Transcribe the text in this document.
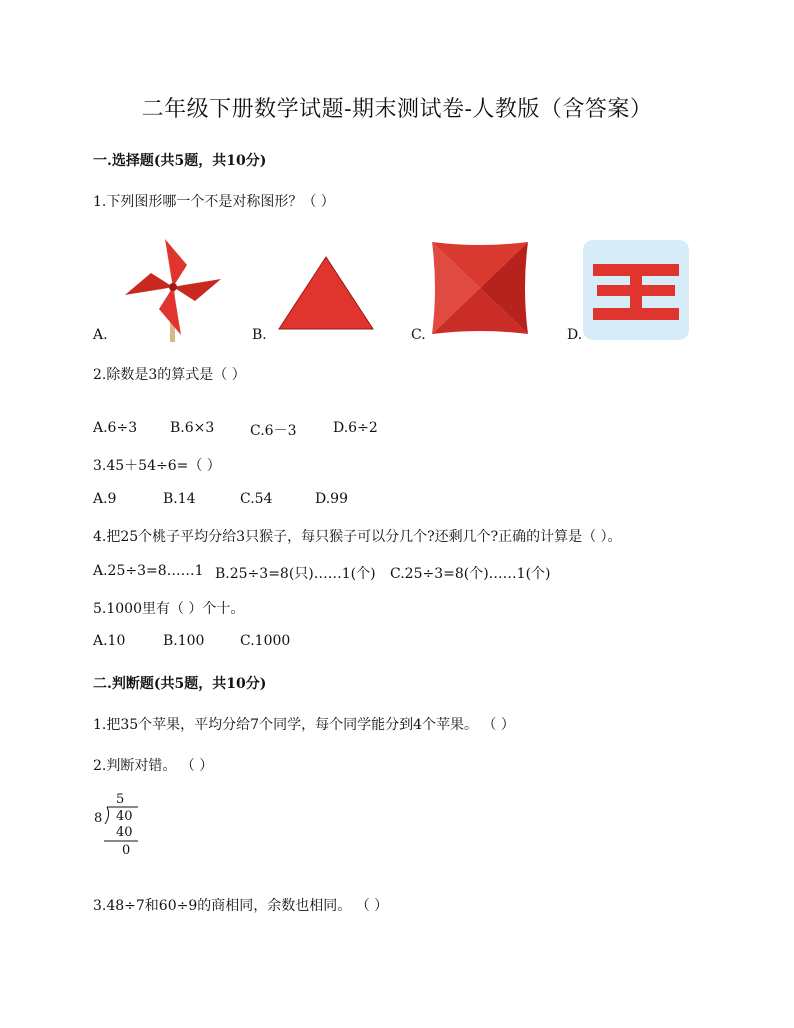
二年级下册数学试题-期末测试卷-人教版（含答案）
一.选择题(共5题，共10分)
1.下列图形哪一个不是对称图形？（ ）
A.	B.	C.	D.
2.除数是3的算式是（ ）
A.6÷3 B.6×3	C.6－3	D.6÷2
3.45＋54÷6=（ ）
A.9	B.14	C.54	D.99
4.把25个桃子平均分给3只猴子，每只猴子可以分几个?还剩几个?正确的计算是（ ）。
A.25÷3=8……1 B.25÷3=8(只)……1(个) C.25÷3=8(个)……1(个)
5.1000里有（ ）个十。
A.10	B.100	C.1000
二.判断题(共5题，共10分)
1.把35个苹果，平均分给7个同学，每个同学能分到4个苹果。 （ ）
2.判断对错。 （ ）
5
8 40
40
0
3.48÷7和60÷9的商相同，余数也相同。 （ ）
